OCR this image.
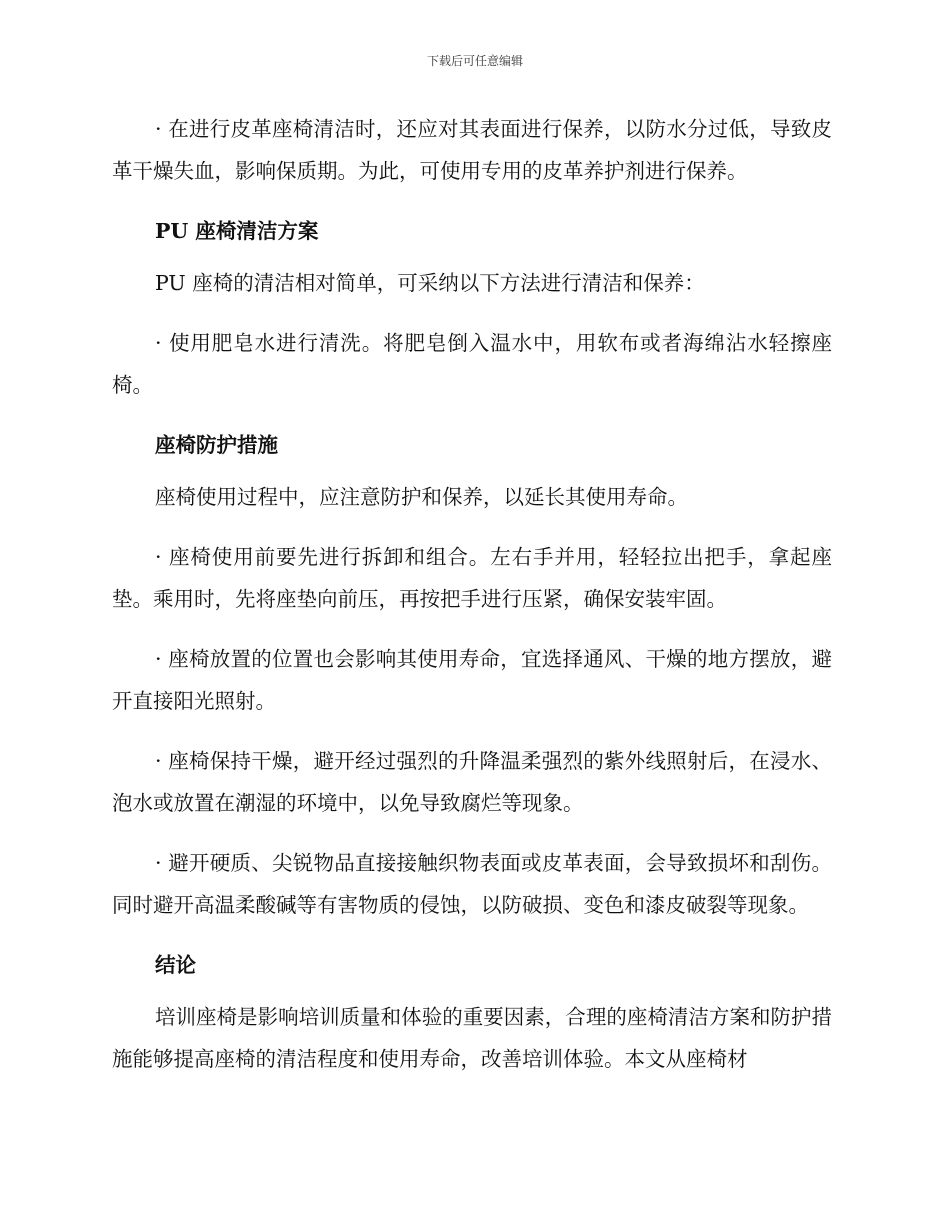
下载后可任意编辑

· 在进行皮革座椅清洁时，还应对其表面进行保养，以防水分过低，导致皮革干燥失血，影响保质期。为此，可使用专用的皮革养护剂进行保养。

PU 座椅清洁方案

PU 座椅的清洁相对简单，可采纳以下方法进行清洁和保养：

· 使用肥皂水进行清洗。将肥皂倒入温水中，用软布或者海绵沾水轻擦座椅。

座椅防护措施

座椅使用过程中，应注意防护和保养，以延长其使用寿命。

· 座椅使用前要先进行拆卸和组合。左右手并用，轻轻拉出把手，拿起座垫。乘用时，先将座垫向前压，再按把手进行压紧，确保安装牢固。

· 座椅放置的位置也会影响其使用寿命，宜选择通风、干燥的地方摆放，避开直接阳光照射。

· 座椅保持干燥，避开经过强烈的升降温柔强烈的紫外线照射后，在浸水、泡水或放置在潮湿的环境中，以免导致腐烂等现象。

· 避开硬质、尖锐物品直接接触织物表面或皮革表面，会导致损坏和刮伤。同时避开高温柔酸碱等有害物质的侵蚀，以防破损、变色和漆皮破裂等现象。

结论

培训座椅是影响培训质量和体验的重要因素，合理的座椅清洁方案和防护措施能够提高座椅的清洁程度和使用寿命，改善培训体验。本文从座椅材
